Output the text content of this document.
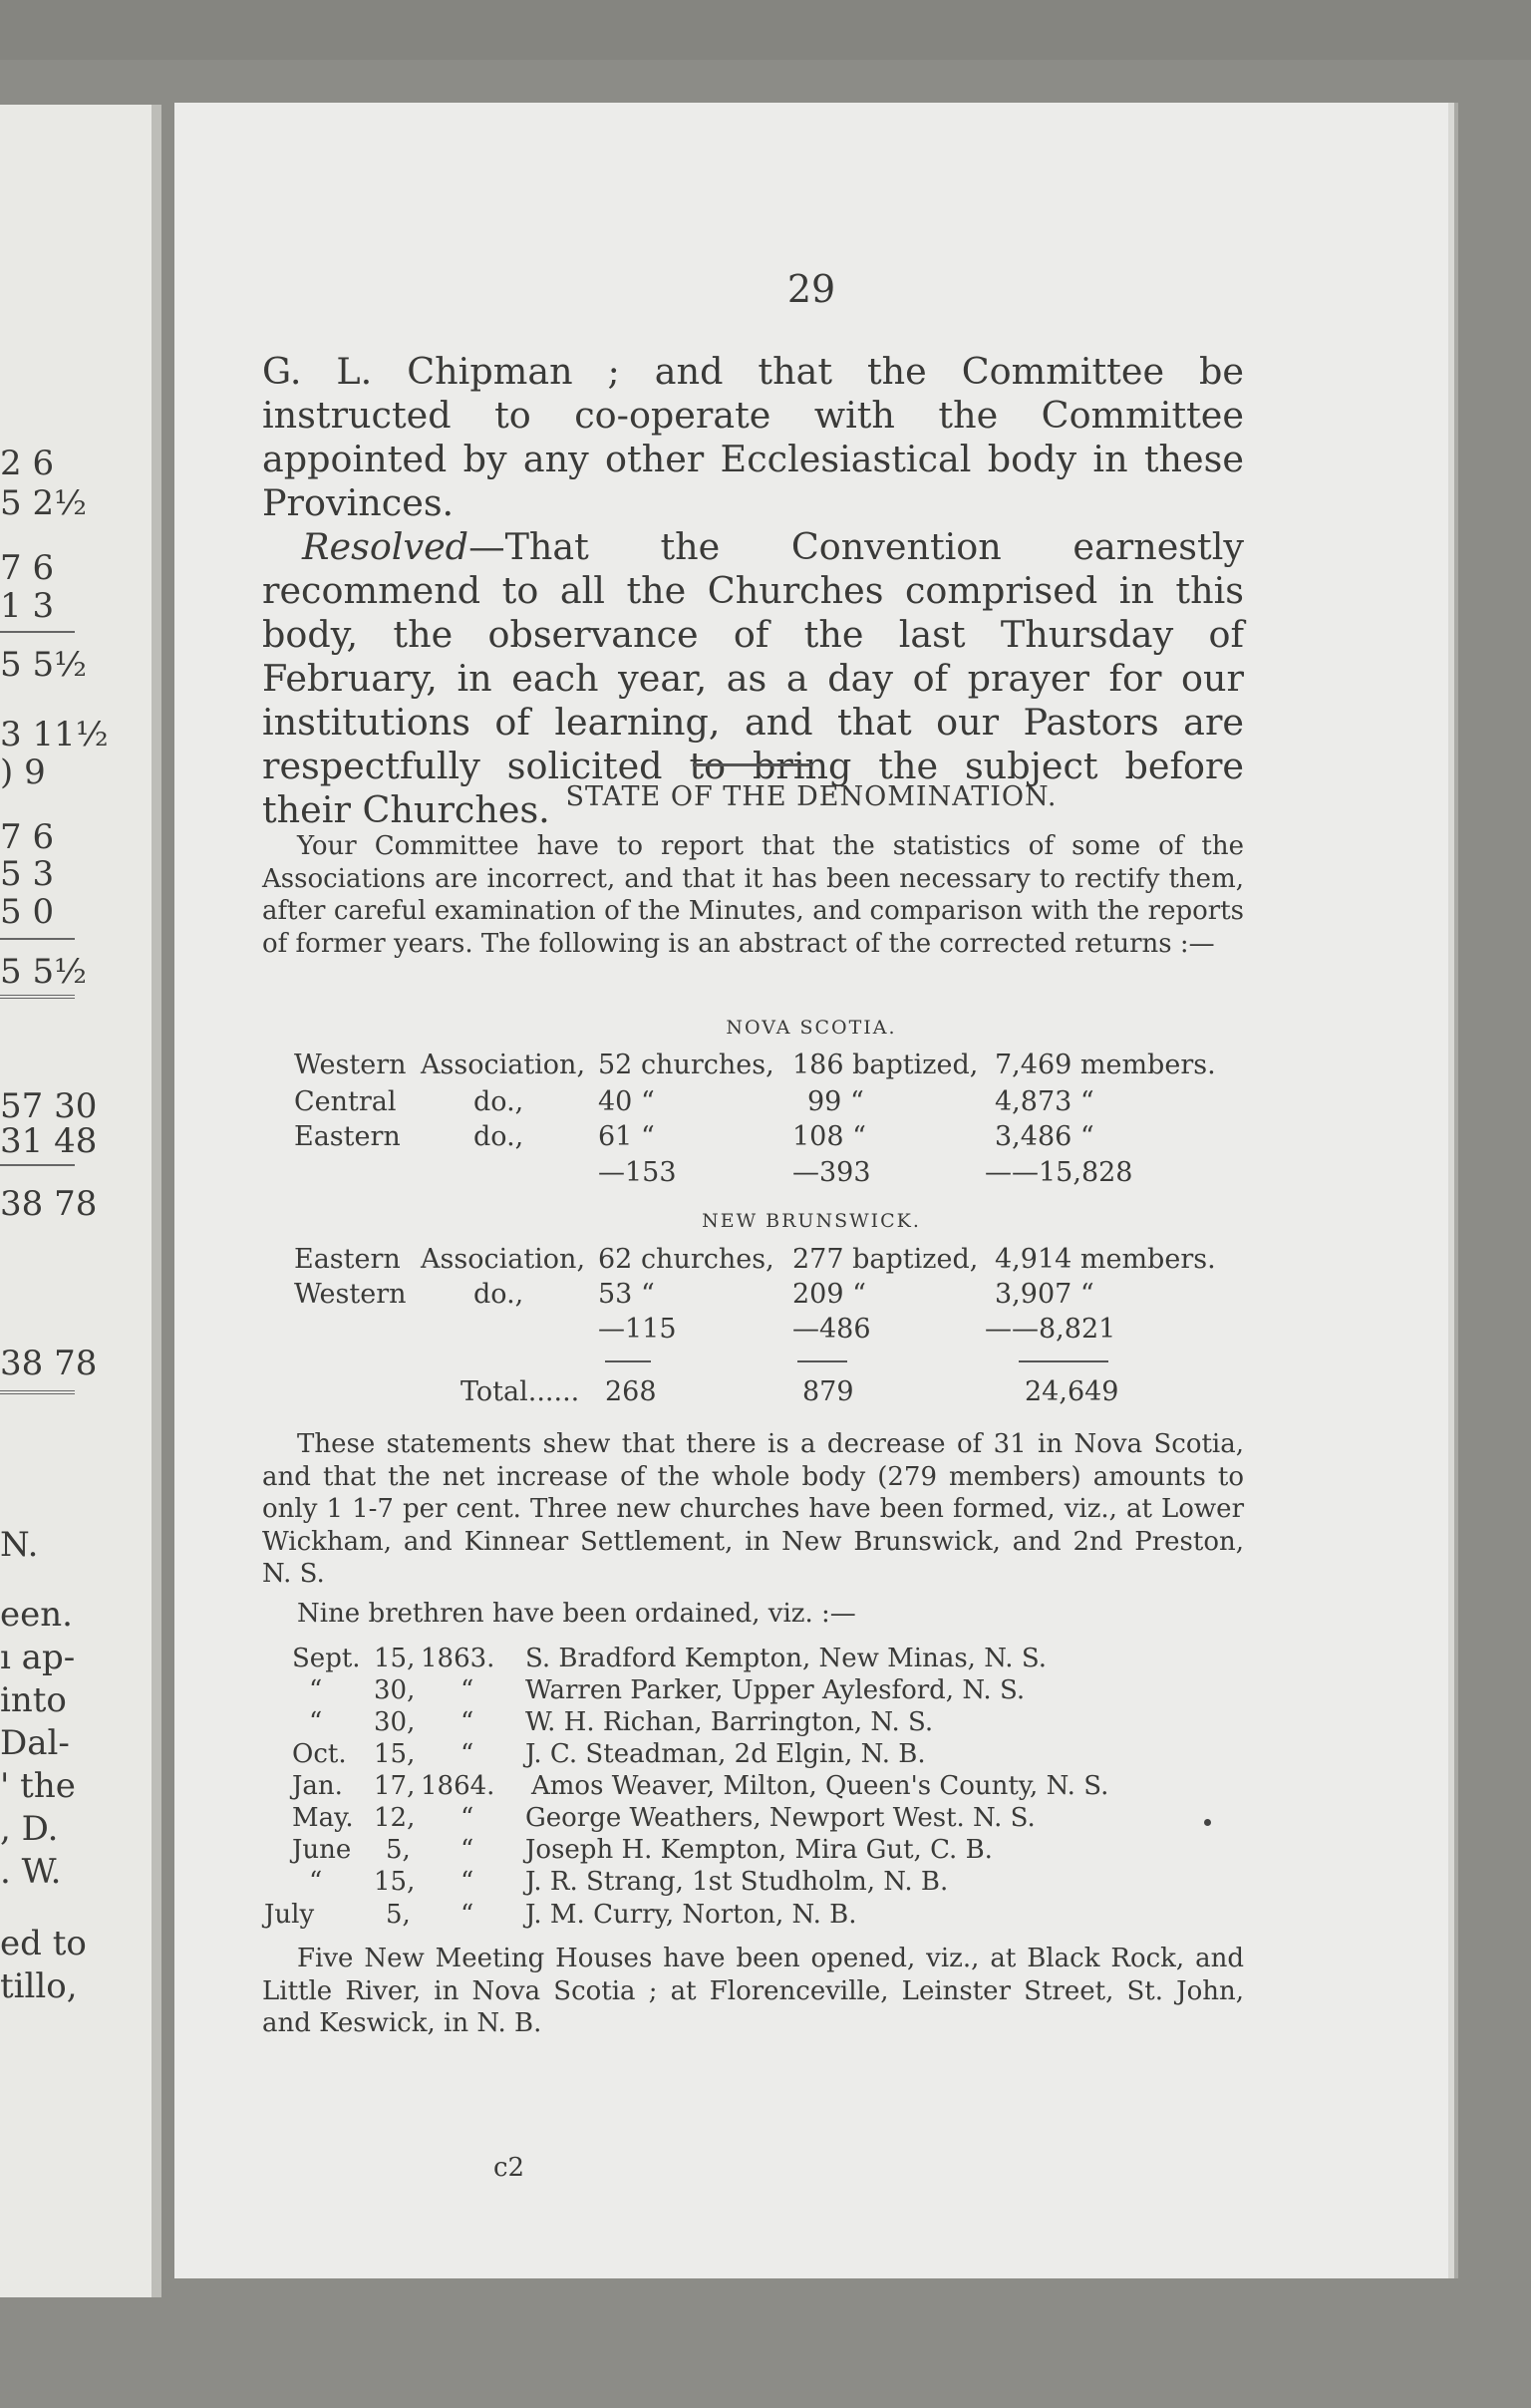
2 6
5 2½
7 6
1 3
5 5½
3 11½
) 9
7 6
5 3
5 0
5 5½
57 30
31 48
38 78
38 78
N.
een.
ı ap-
into
Dal-
' the
, D.
. W.
ed to
tillo,
29

G. L. Chipman ; and that the Committee be instructed to co-operate with the Committee appointed by any other Ecclesiastical body in these Provinces.

Resolved—That the Convention earnestly recommend to all the Churches comprised in this body, the observance of the last Thursday of February, in each year, as a day of prayer for our institutions of learning, and that our Pastors are respectfully solicited to bring the subject before their Churches. STATE OF THE DENOMINATION.

Your Committee have to report that the statistics of some of the Associations are incorrect, and that it has been necessary to rectify them, after careful examination of the Minutes, and comparison with the reports of former years. The following is an abstract of the corrected returns :—

NOVA SCOTIA.
Western Association, 52 churches, 186 baptized, 7,469 members.
Central	do.,	40 “	99 “	4,873 “
Eastern	do.,	61 “	108 “	3,486 “
—153	—393	——15,828
NEW BRUNSWICK.
Eastern Association, 62 churches, 277 baptized, 4,914 members.
Western do.,	53 “	209 “	3,907 “
—115	—486	——8,821
Total...... 268	879	24,649

These statements shew that there is a decrease of 31 in Nova Scotia, and that the net increase of the whole body (279 members) amounts to only 1 1-7 per cent. Three new churches have been formed, viz., at Lower Wickham, and Kinnear Settlement, in New Brunswick, and 2nd Preston, N. S.

Nine brethren have been ordained, viz. :—

Sept. 15, 1863. S. Bradford Kempton, New Minas, N. S.
“ 30, “ Warren Parker, Upper Aylesford, N. S.
“ 30, “ W. H. Richan, Barrington, N. S.
Oct. 15, “ J. C. Steadman, 2d Elgin, N. B.
Jan. 17, 1864. Amos Weaver, Milton, Queen's County, N. S.
May. 12, “ George Weathers, Newport West. N. S.
June 5, “ Joseph H. Kempton, Mira Gut, C. B.
“ 15, “ J. R. Strang, 1st Studholm, N. B.
July	5, “ J. M. Curry, Norton, N. B.

Five New Meeting Houses have been opened, viz., at Black Rock, and Little River, in Nova Scotia ; at Florenceville, Leinster Street, St. John, and Keswick, in N. B.

c2
